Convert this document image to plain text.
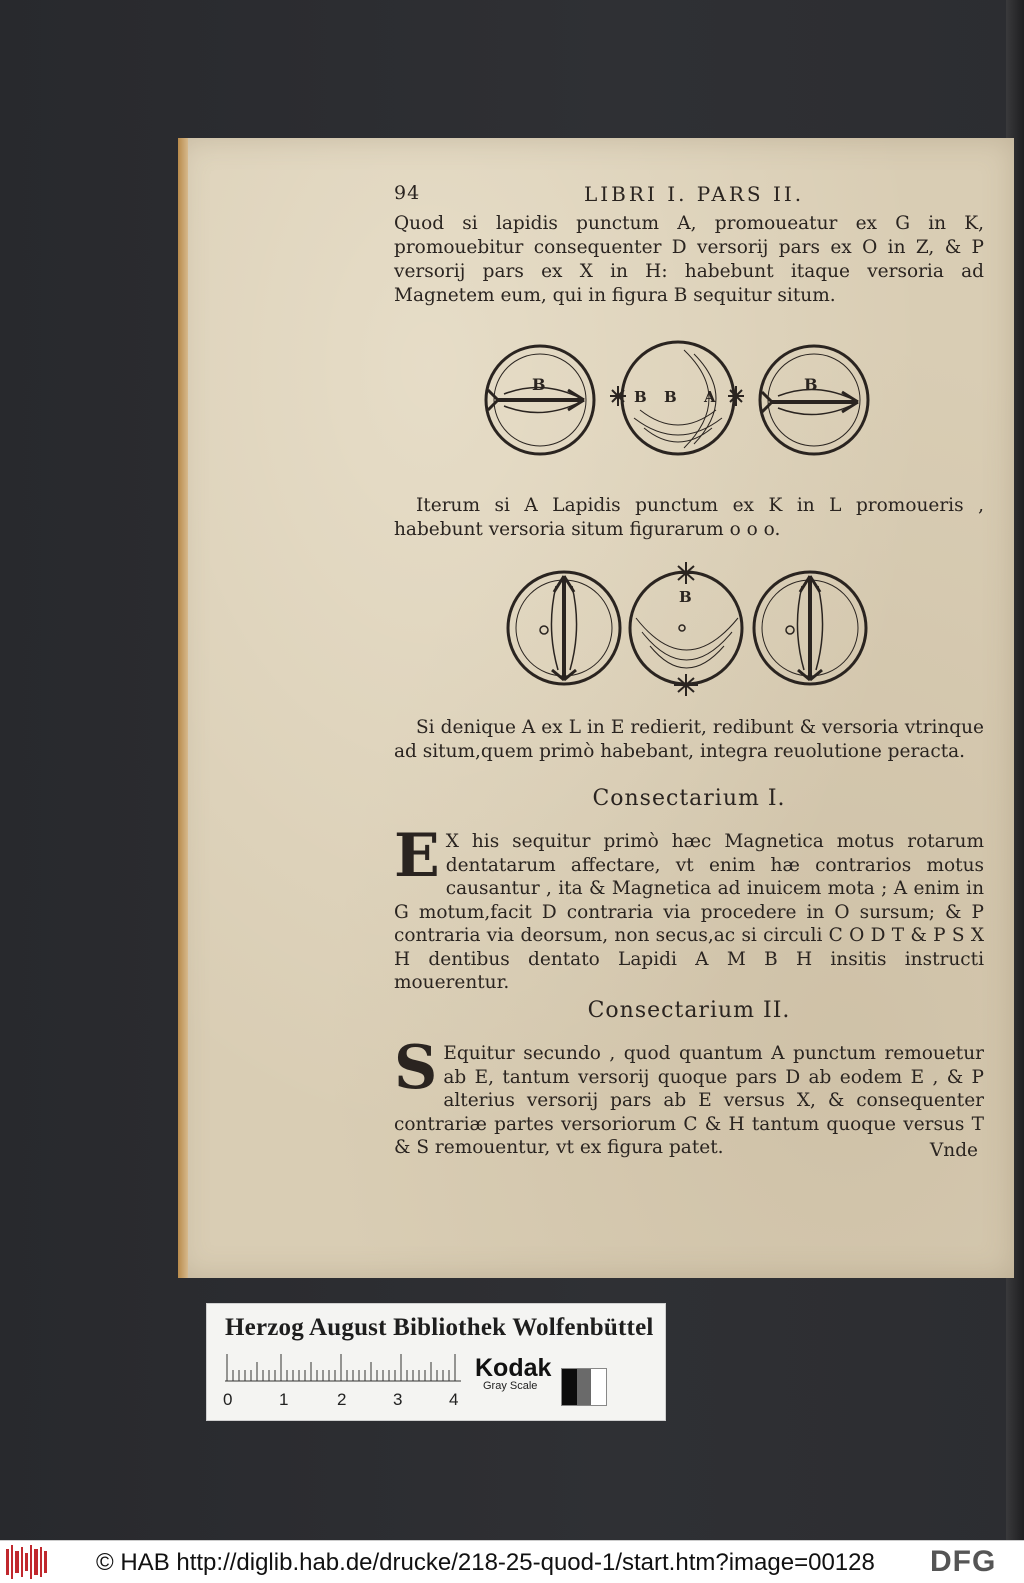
94	LIBRI I. PARS II.
Quod si lapidis punctum A, promoueatur ex G in K, promouebitur consequenter D versorij pars ex O in Z, & P versorij pars ex X in H: habebunt itaque versoria ad Magnetem eum, qui in figura B sequitur situm.
B
B B A
B
Iterum si A Lapidis punctum ex K in L promoueris , habebunt versoria situm figurarum o o o.
B
Si denique A ex L in E redierit, redibunt & versoria vtrinque ad situm,quem primò habebant, integra reuolutione peracta.
Consectarium I.
E X his sequitur primò hæc Magnetica motus rotarum dentatarum affectare, vt enim hæ contrarios motus causantur , ita & Magnetica ad inuicem mota ; A enim in G motum,facit D contraria via procedere in O sursum; & P contraria via deorsum, non secus,ac si circuli C O D T & P S X H dentibus dentato Lapidi A M B H insitis instructi mouerentur.
Consectarium II.
S Equitur secundo , quod quantum A punctum remouetur ab E, tantum versorij quoque pars D ab eodem E , & P alterius versorij pars ab E versus X, & consequenter contrariæ partes versoriorum C & H tantum quoque versus T & S remouentur, vt ex figura patet.	Vnde
Herzog August Bibliothek Wolfenbüttel
0	1	2	3	4
Kodak
Gray Scale
© HAB http://diglib.hab.de/drucke/218-25-quod-1/start.htm?image=00128 DFG
